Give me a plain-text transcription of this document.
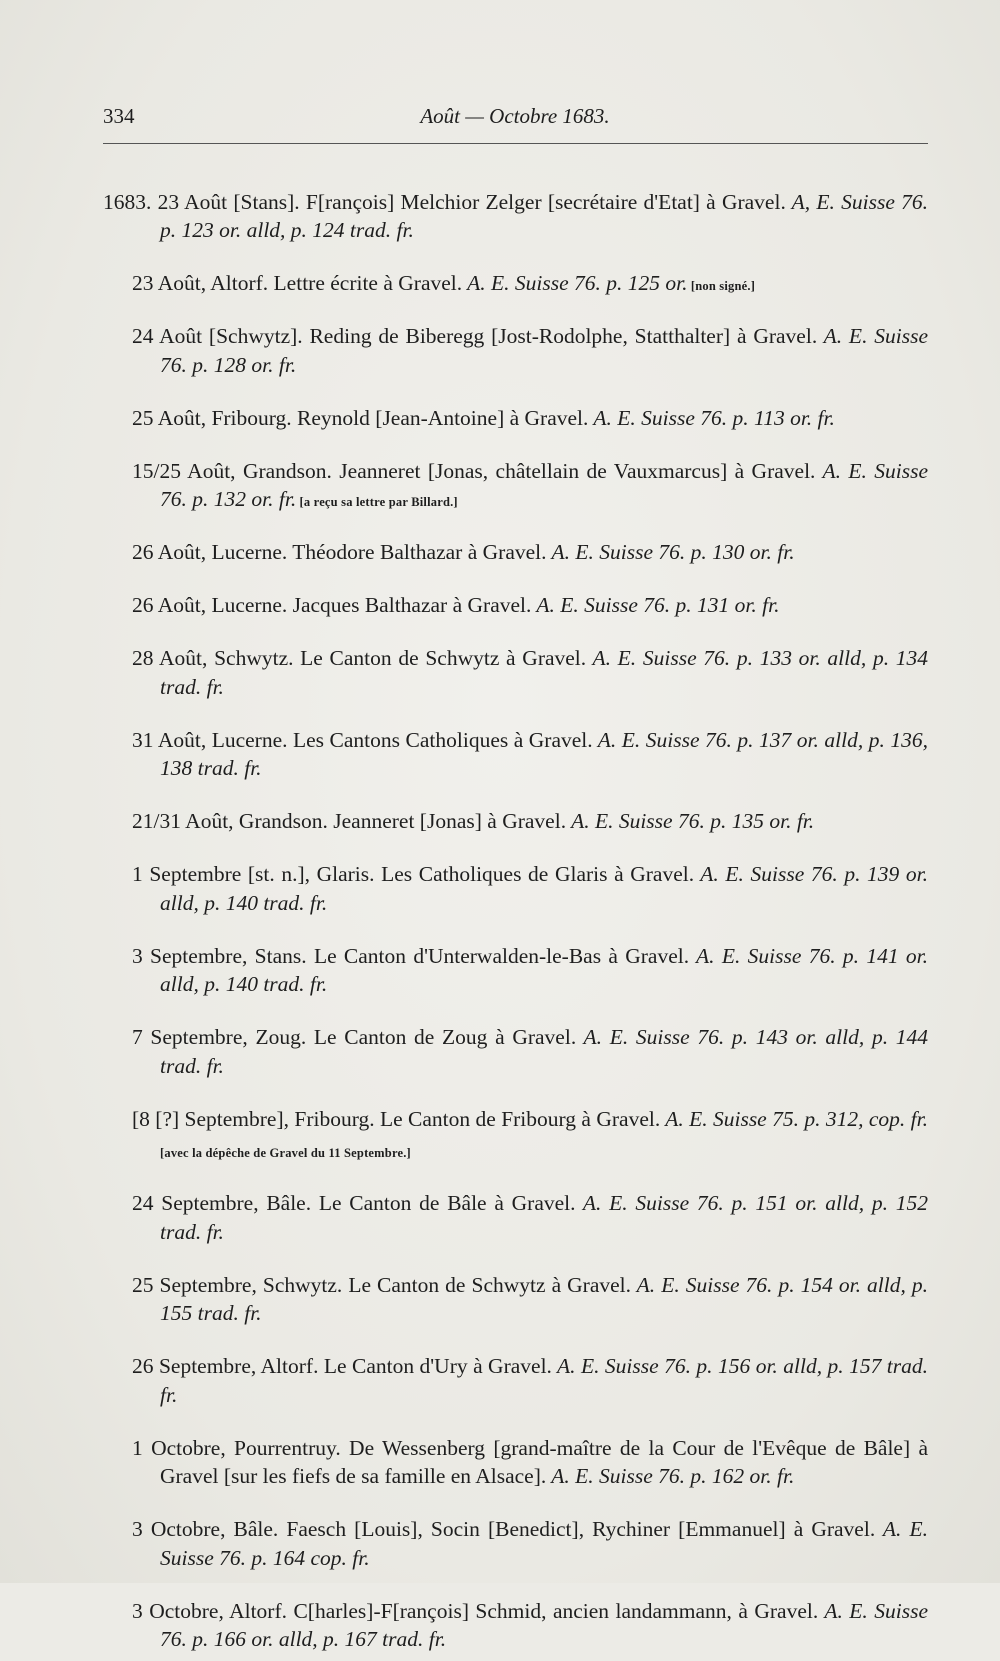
334	Août — Octobre 1683.

1683. 23 Août [Stans]. F[rançois] Melchior Zelger [secrétaire d'Etat] à Gravel. A, E. Suisse 76. p. 123 or. alld, p. 124 trad. fr.

23 Août, Altorf. Lettre écrite à Gravel. A. E. Suisse 76. p. 125 or. [non signé.]

24 Août [Schwytz]. Reding de Biberegg [Jost-Rodolphe, Statthalter] à Gravel. A. E. Suisse 76. p. 128 or. fr.

25 Août, Fribourg. Reynold [Jean-Antoine] à Gravel. A. E. Suisse 76. p. 113 or. fr.

15/25 Août, Grandson. Jeanneret [Jonas, châtellain de Vauxmarcus] à Gravel. A. E. Suisse 76. p. 132 or. fr. [a reçu sa lettre par Billard.]

26 Août, Lucerne. Théodore Balthazar à Gravel. A. E. Suisse 76. p. 130 or. fr.

26 Août, Lucerne. Jacques Balthazar à Gravel. A. E. Suisse 76. p. 131 or. fr.

28 Août, Schwytz. Le Canton de Schwytz à Gravel. A. E. Suisse 76. p. 133 or. alld, p. 134 trad. fr.

31 Août, Lucerne. Les Cantons Catholiques à Gravel. A. E. Suisse 76. p. 137 or. alld, p. 136, 138 trad. fr.

21/31 Août, Grandson. Jeanneret [Jonas] à Gravel. A. E. Suisse 76. p. 135 or. fr.

1 Septembre [st. n.], Glaris. Les Catholiques de Glaris à Gravel. A. E. Suisse 76. p. 139 or. alld, p. 140 trad. fr.

3 Septembre, Stans. Le Canton d'Unterwalden-le-Bas à Gravel. A. E. Suisse 76. p. 141 or. alld, p. 140 trad. fr.

7 Septembre, Zoug. Le Canton de Zoug à Gravel. A. E. Suisse 76. p. 143 or. alld, p. 144 trad. fr.

[8 [?] Septembre], Fribourg. Le Canton de Fribourg à Gravel. A. E. Suisse 75. p. 312, cop. fr. [avec la dépêche de Gravel du 11 Septembre.]

24 Septembre, Bâle. Le Canton de Bâle à Gravel. A. E. Suisse 76. p. 151 or. alld, p. 152 trad. fr.

25 Septembre, Schwytz. Le Canton de Schwytz à Gravel. A. E. Suisse 76. p. 154 or. alld, p. 155 trad. fr.

26 Septembre, Altorf. Le Canton d'Ury à Gravel. A. E. Suisse 76. p. 156 or. alld, p. 157 trad. fr.

1 Octobre, Pourrentruy. De Wessenberg [grand-maître de la Cour de l'Evêque de Bâle] à Gravel [sur les fiefs de sa famille en Alsace]. A. E. Suisse 76. p. 162 or. fr.

3 Octobre, Bâle. Faesch [Louis], Socin [Benedict], Rychiner [Emmanuel] à Gravel. A. E. Suisse 76. p. 164 cop. fr.

3 Octobre, Altorf. C[harles]-F[rançois] Schmid, ancien landammann, à Gravel. A. E. Suisse 76. p. 166 or. alld, p. 167 trad. fr.
